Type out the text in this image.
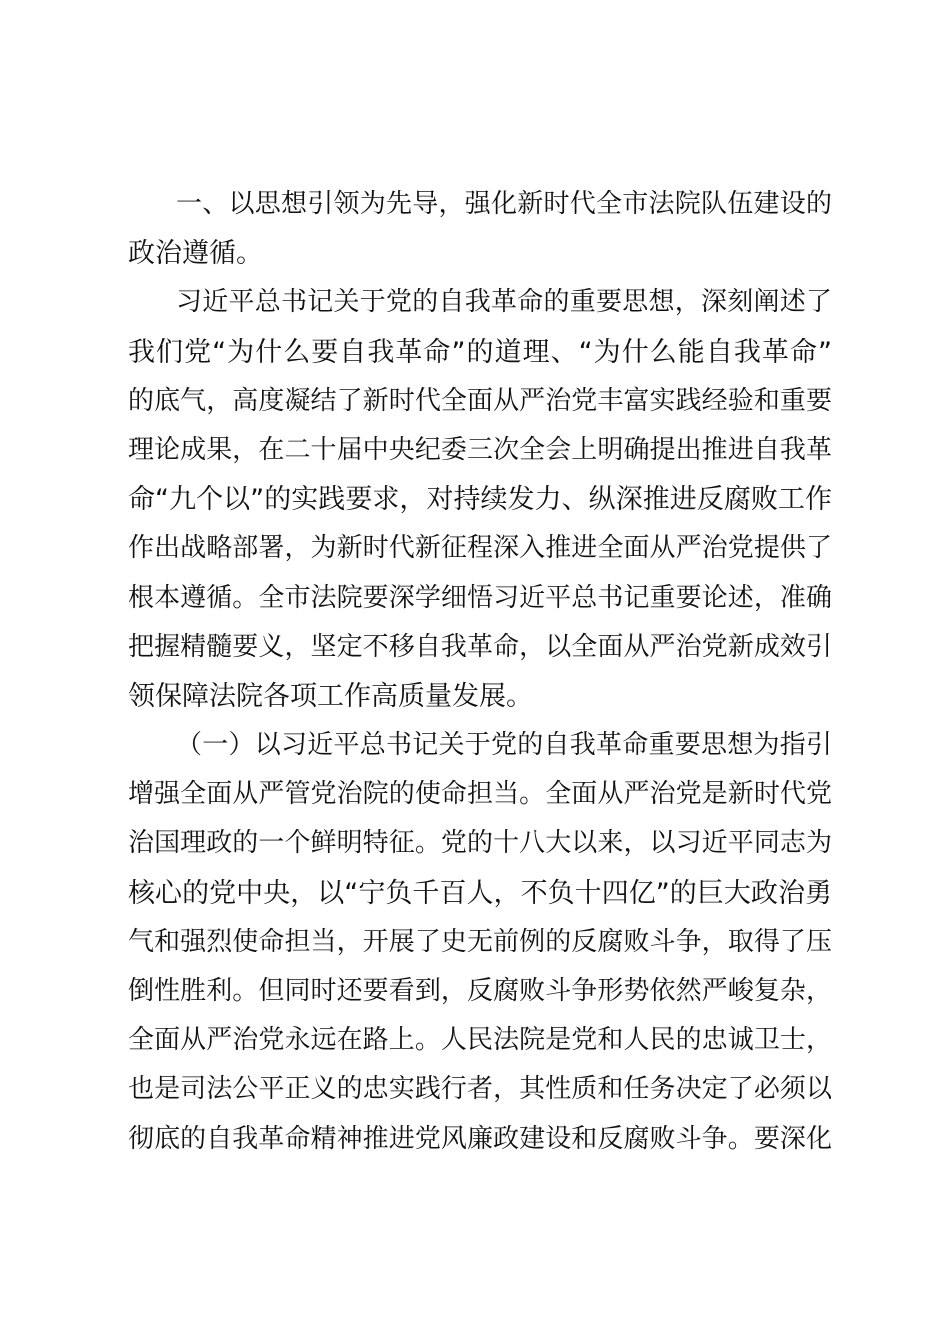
一、以思想引领为先导，强化新时代全市法院队伍建设的
政治遵循。
习近平总书记关于党的自我革命的重要思想，深刻阐述了
我们党“为什么要自我革命”的道理、“为什么能自我革命”
的底气，高度凝结了新时代全面从严治党丰富实践经验和重要
理论成果，在二十届中央纪委三次全会上明确提出推进自我革
命“九个以”的实践要求，对持续发力、纵深推进反腐败工作
作出战略部署，为新时代新征程深入推进全面从严治党提供了
根本遵循。全市法院要深学细悟习近平总书记重要论述，准确
把握精髓要义，坚定不移自我革命，以全面从严治党新成效引
领保障法院各项工作高质量发展。
（一）以习近平总书记关于党的自我革命重要思想为指引
增强全面从严管党治院的使命担当。全面从严治党是新时代党
治国理政的一个鲜明特征。党的十八大以来，以习近平同志为
核心的党中央，以“宁负千百人，不负十四亿”的巨大政治勇
气和强烈使命担当，开展了史无前例的反腐败斗争，取得了压
倒性胜利。但同时还要看到，反腐败斗争形势依然严峻复杂，
全面从严治党永远在路上。人民法院是党和人民的忠诚卫士，
也是司法公平正义的忠实践行者，其性质和任务决定了必须以
彻底的自我革命精神推进党风廉政建设和反腐败斗争。要深化
